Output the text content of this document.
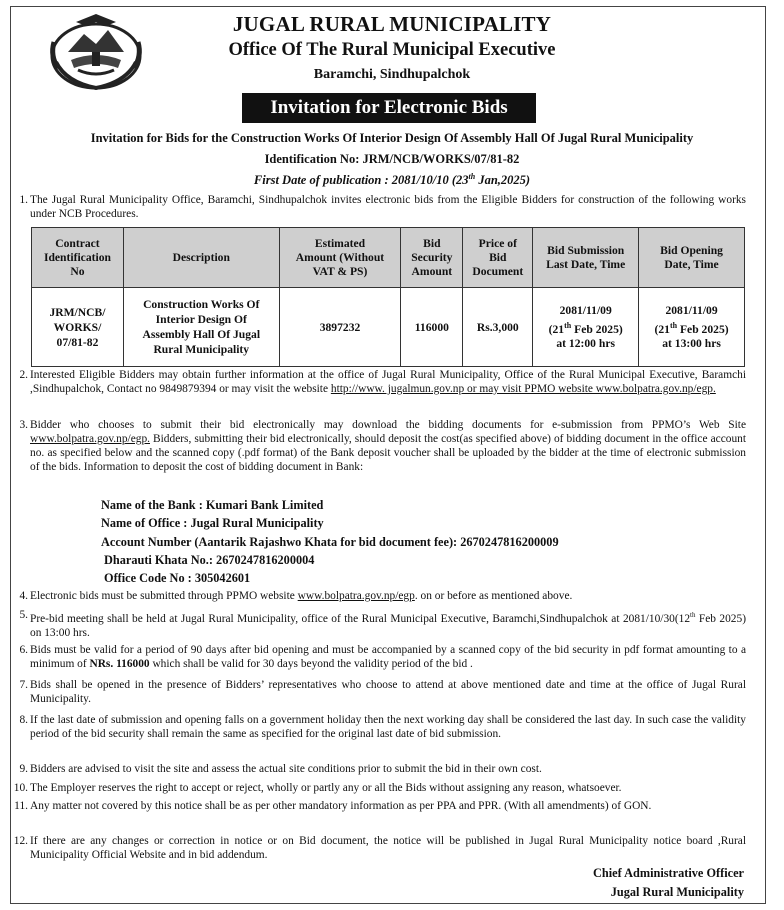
JUGAL RURAL MUNICIPALITY
Office Of The Rural Municipal Executive
Baramchi, Sindhupalchok
Invitation for Electronic Bids
Invitation for Bids for the Construction Works Of Interior Design Of Assembly Hall Of Jugal Rural Municipality
Identification No: JRM/NCB/WORKS/07/81-82
First Date of publication : 2081/10/10 (23th Jan,2025)
1. The Jugal Rural Municipality Office, Baramchi, Sindhupalchok invites electronic bids from the Eligible Bidders for construction of the following works under NCB Procedures.
Contract
Identification
No	Description	Estimated
Amount (Without
VAT & PS)	Bid
Security
Amount	Price of
Bid
Document	Bid Submission
Last Date, Time	Bid Opening
Date, Time
JRM/NCB/
WORKS/
07/81-82	Construction Works Of
Interior Design Of
Assembly Hall Of Jugal
Rural Municipality	3897232	116000	Rs.3,000	2081/11/09
(21th Feb 2025)
at 12:00 hrs	2081/11/09
(21th Feb 2025)
at 13:00 hrs
2. Interested Eligible Bidders may obtain further information at the office of Jugal Rural Municipality, Office of the Rural Municipal Executive, Baramchi ,Sindhupalchok, Contact no 9849879394 or may visit the website http://www. jugalmun.gov.np or may visit PPMO website www.bolpatra.gov.np/egp.
3. Bidder who chooses to submit their bid electronically may download the bidding documents for e-submission from PPMO’s Web Site www.bolpatra.gov.np/egp. Bidders, submitting their bid electronically, should deposit the cost(as specified above) of bidding document in the office account no. as specified below and the scanned copy (.pdf format) of the Bank deposit voucher shall be uploaded by the bidder at the time of electronic submission of the bids. Information to deposit the cost of bidding document in Bank:
Name of the Bank : Kumari Bank Limited
Name of Office : Jugal Rural Municipality
Account Number (Aantarik Rajashwo Khata for bid document fee): 2670247816200009
Dharauti Khata No.: 2670247816200004
Office Code No : 305042601
4. Electronic bids must be submitted through PPMO website www.bolpatra.gov.np/egp. on or before as mentioned above.
5. Pre-bid meeting shall be held at Jugal Rural Municipality, office of the Rural Municipal Executive, Baramchi,Sindhupalchok at 2081/10/30(12th Feb 2025) on 13:00 hrs.
6. Bids must be valid for a period of 90 days after bid opening and must be accompanied by a scanned copy of the bid security in pdf format amounting to a minimum of NRs. 116000 which shall be valid for 30 days beyond the validity period of the bid .
7. Bids shall be opened in the presence of Bidders’ representatives who choose to attend at above mentioned date and time at the office of Jugal Rural Municipality.
8. If the last date of submission and opening falls on a government holiday then the next working day shall be considered the last day. In such case the validity period of the bid security shall remain the same as specified for the original last date of bid submission.
9. Bidders are advised to visit the site and assess the actual site conditions prior to submit the bid in their own cost.
10. The Employer reserves the right to accept or reject, wholly or partly any or all the Bids without assigning any reason, whatsoever.
11. Any matter not covered by this notice shall be as per other mandatory information as per PPA and PPR. (With all amendments) of GON.
12. If there are any changes or correction in notice or on Bid document, the notice will be published in Jugal Rural Municipality notice board ,Rural Municipality Official Website and in bid addendum.
Chief Administrative Officer
Jugal Rural Municipality
